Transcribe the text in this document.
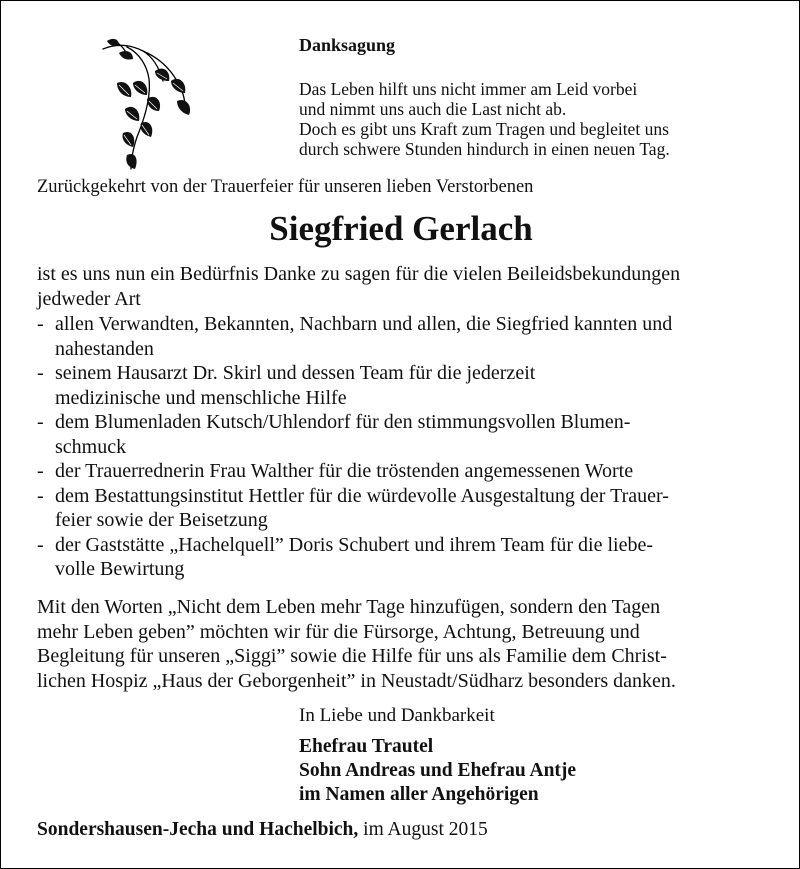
Danksagung
Das Leben hilft uns nicht immer am Leid vorbei
und nimmt uns auch die Last nicht ab.
Doch es gibt uns Kraft zum Tragen und begleitet uns
durch schwere Stunden hindurch in einen neuen Tag.
Zurückgekehrt von der Trauerfeier für unseren lieben Verstorbenen
Siegfried Gerlach
ist es uns nun ein Bedürfnis Danke zu sagen für die vielen Beileidsbekundungen
jedweder Art
- allen Verwandten, Bekannten, Nachbarn und allen, die Siegfried kannten und
nahestanden
- seinem Hausarzt Dr. Skirl und dessen Team für die jederzeit
medizinische und menschliche Hilfe
- dem Blumenladen Kutsch/Uhlendorf für den stimmungsvollen Blumen-
schmuck
- der Trauerrednerin Frau Walther für die tröstenden angemessenen Worte
- dem Bestattungsinstitut Hettler für die würdevolle Ausgestaltung der Trauer-
feier sowie der Beisetzung
- der Gaststätte „Hachelquell” Doris Schubert und ihrem Team für die liebe-
volle Bewirtung
Mit den Worten „Nicht dem Leben mehr Tage hinzufügen, sondern den Tagen
mehr Leben geben” möchten wir für die Fürsorge, Achtung, Betreuung und
Begleitung für unseren „Siggi” sowie die Hilfe für uns als Familie dem Christ-
lichen Hospiz „Haus der Geborgenheit” in Neustadt/Südharz besonders danken.
In Liebe und Dankbarkeit
Ehefrau Trautel
Sohn Andreas und Ehefrau Antje
im Namen aller Angehörigen
Sondershausen-Jecha und Hachelbich, im August 2015
